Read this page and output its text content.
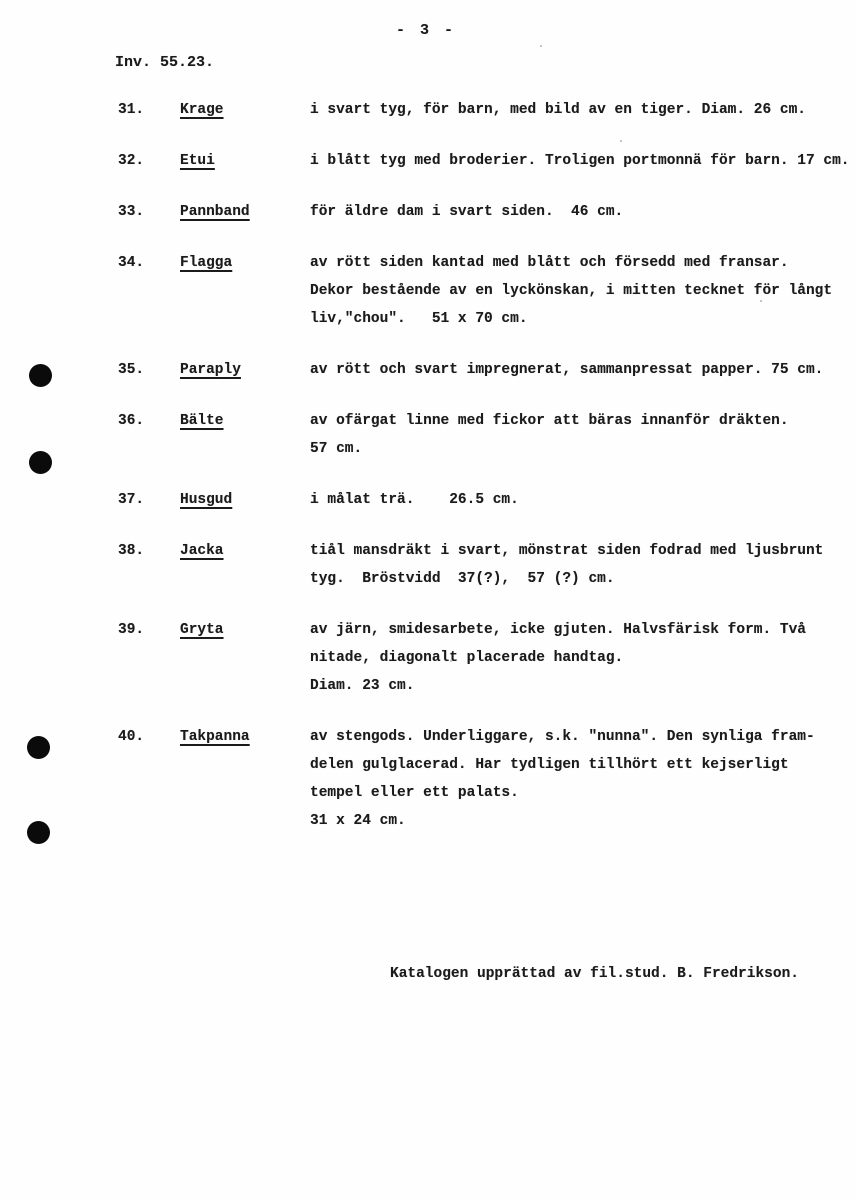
- 3 -
Inv. 55.23.
31.	Krage	i svart tyg, för barn, med bild av en tiger. Diam. 26 cm.
32.	Etui	i blått tyg med broderier. Troligen portmonnä för barn. 17 cm.
33.	Pannband	för äldre dam i svart siden.  46 cm.
34.	Flagga	av rött siden kantad med blått och försedd med fransar.
Dekor bestående av en lyckönskan, i mitten tecknet för långt
liv,"chou".   51 x 70 cm.
35.	Paraply	av rött och svart impregnerat, sammanpressat papper. 75 cm.
36.	Bälte	av ofärgat linne med fickor att bäras innanför dräkten.
57 cm.
37.	Husgud	i målat trä.    26.5 cm.
38.	Jacka	tiål mansdräkt i svart, mönstrat siden fodrad med ljusbrunt
tyg.  Bröstvidd  37(?),  57 (?) cm.
39.	Gryta	av järn, smidesarbete, icke gjuten. Halvsfärisk form. Två
nitade, diagonalt placerade handtag.
Diam. 23 cm.
40.	Takpanna	av stengods. Underliggare, s.k. "nunna". Den synliga fram-
delen gulglacerad. Har tydligen tillhört ett kejserligt
tempel eller ett palats.
31 x 24 cm.
Katalogen upprättad av fil.stud. B. Fredrikson.
